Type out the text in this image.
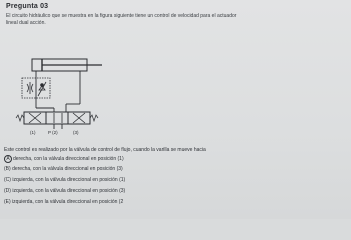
Pregunta 03
El circuito hidráulico que se muestra en la figura siguiente tiene un control de velocidad para el actuador
lineal dual acción.
(1)	P (2)	(3)
Este control es realizado por la válvula de control de flujo, cuando la varilla se mueve hacia
A derecha, con la válvula direccional en posición (1)
(B) derecha, con la válvula direccional en posición (3)
(C) izquierda, con la válvula direccional en posición (1)
(D) izquierda, con la válvula direccional en posición (3)
(E) izquierda, con la válvula direccional en posición (2
